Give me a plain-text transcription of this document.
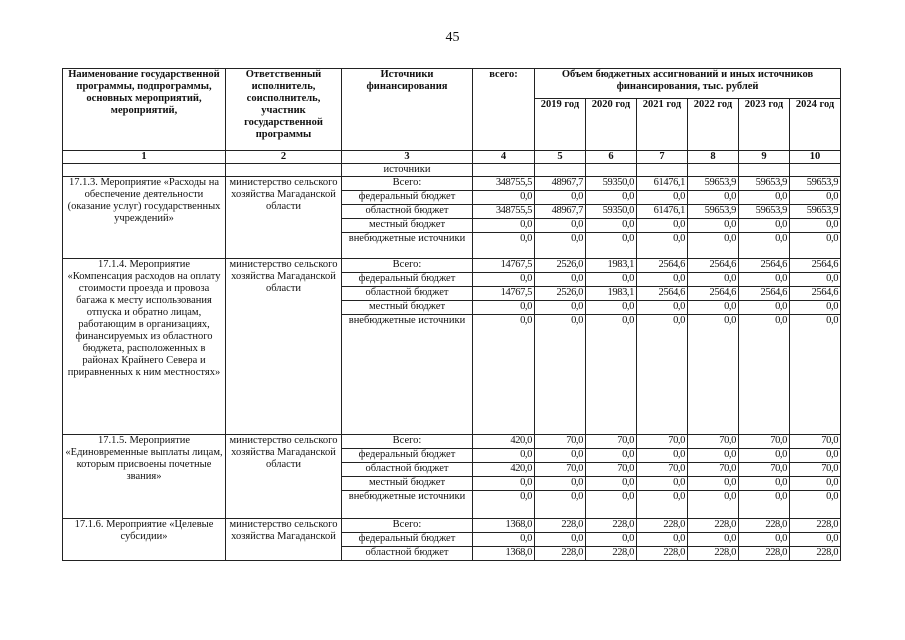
45
Наименование государственной программы, подпрограммы, основных мероприятий, мероприятий,	Ответственный исполнитель, соисполнитель, участник государственной программы	Источники финансирования	всего:	Объем бюджетных ассигнований и иных источников финансирования, тыс. рублей					
				2019 год	2020 год	2021 год	2022 год	2023 год	2024 год
1	2	3	4	5	6	7	8	9	10
		источники							
17.1.3. Мероприятие «Расходы на обеспечение деятельности (оказание услуг) государственных учреждений»	министерство сельского хозяйства Магаданской области	Всего:	348755,5	48967,7	59350,0	61476,1	59653,9	59653,9	59653,9
		федеральный бюджет	0,0	0,0	0,0	0,0	0,0	0,0	0,0
		областной бюджет	348755,5	48967,7	59350,0	61476,1	59653,9	59653,9	59653,9
		местный бюджет	0,0	0,0	0,0	0,0	0,0	0,0	0,0
		внебюджетные источники	0,0	0,0	0,0	0,0	0,0	0,0	0,0
17.1.4. Мероприятие «Компенсация расходов на оплату стоимости проезда и провоза багажа к месту использования отпуска и обратно лицам, работающим в организациях, финансируемых из областного бюджета, расположенных в районах Крайнего Севера и приравненных к ним местностях»	министерство сельского хозяйства Магаданской области	Всего:	14767,5	2526,0	1983,1	2564,6	2564,6	2564,6	2564,6
		федеральный бюджет	0,0	0,0	0,0	0,0	0,0	0,0	0,0
		областной бюджет	14767,5	2526,0	1983,1	2564,6	2564,6	2564,6	2564,6
		местный бюджет	0,0	0,0	0,0	0,0	0,0	0,0	0,0
		внебюджетные источники	0,0	0,0	0,0	0,0	0,0	0,0	0,0
17.1.5. Мероприятие «Единовременные выплаты лицам, которым присвоены почетные звания»	министерство сельского хозяйства Магаданской области	Всего:	420,0	70,0	70,0	70,0	70,0	70,0	70,0
		федеральный бюджет	0,0	0,0	0,0	0,0	0,0	0,0	0,0
		областной бюджет	420,0	70,0	70,0	70,0	70,0	70,0	70,0
		местный бюджет	0,0	0,0	0,0	0,0	0,0	0,0	0,0
		внебюджетные источники	0,0	0,0	0,0	0,0	0,0	0,0	0,0
17.1.6. Мероприятие «Целевые субсидии»	министерство сельского хозяйства Магаданской	Всего:	1368,0	228,0	228,0	228,0	228,0	228,0	228,0
		федеральный бюджет	0,0	0,0	0,0	0,0	0,0	0,0	0,0
		областной бюджет	1368,0	228,0	228,0	228,0	228,0	228,0	228,0
